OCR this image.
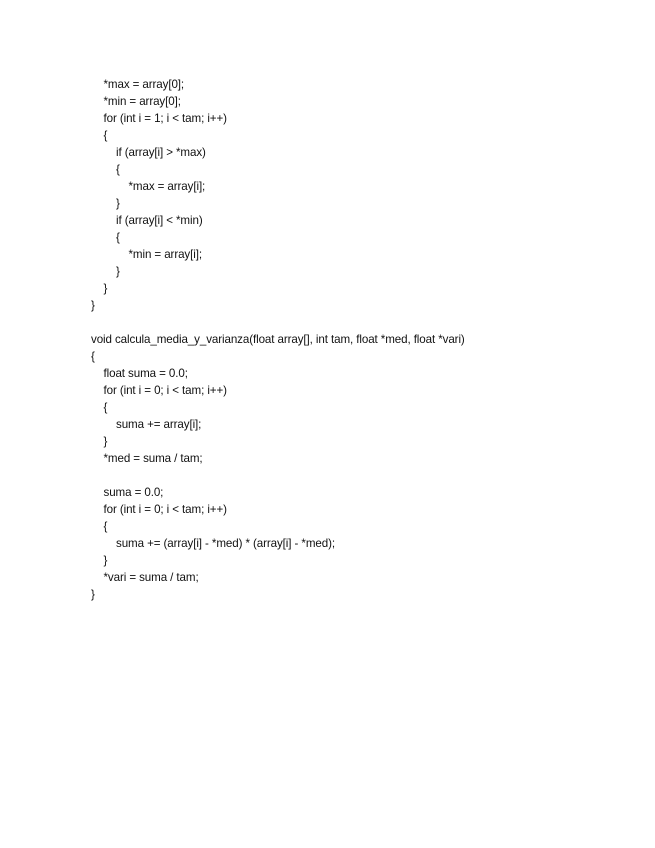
*max = array[0];
*min = array[0];
for (int i = 1; i < tam; i++)
{
if (array[i] > *max)
{
*max = array[i];
}
if (array[i] < *min)
{
*min = array[i];
}
}
}
void calcula_media_y_varianza(float array[], int tam, float *med, float *vari)
{
float suma = 0.0;
for (int i = 0; i < tam; i++)
{
suma += array[i];
}
*med = suma / tam;
suma = 0.0;
for (int i = 0; i < tam; i++)
{
suma += (array[i] - *med) * (array[i] - *med);
}
*vari = suma / tam;
}
